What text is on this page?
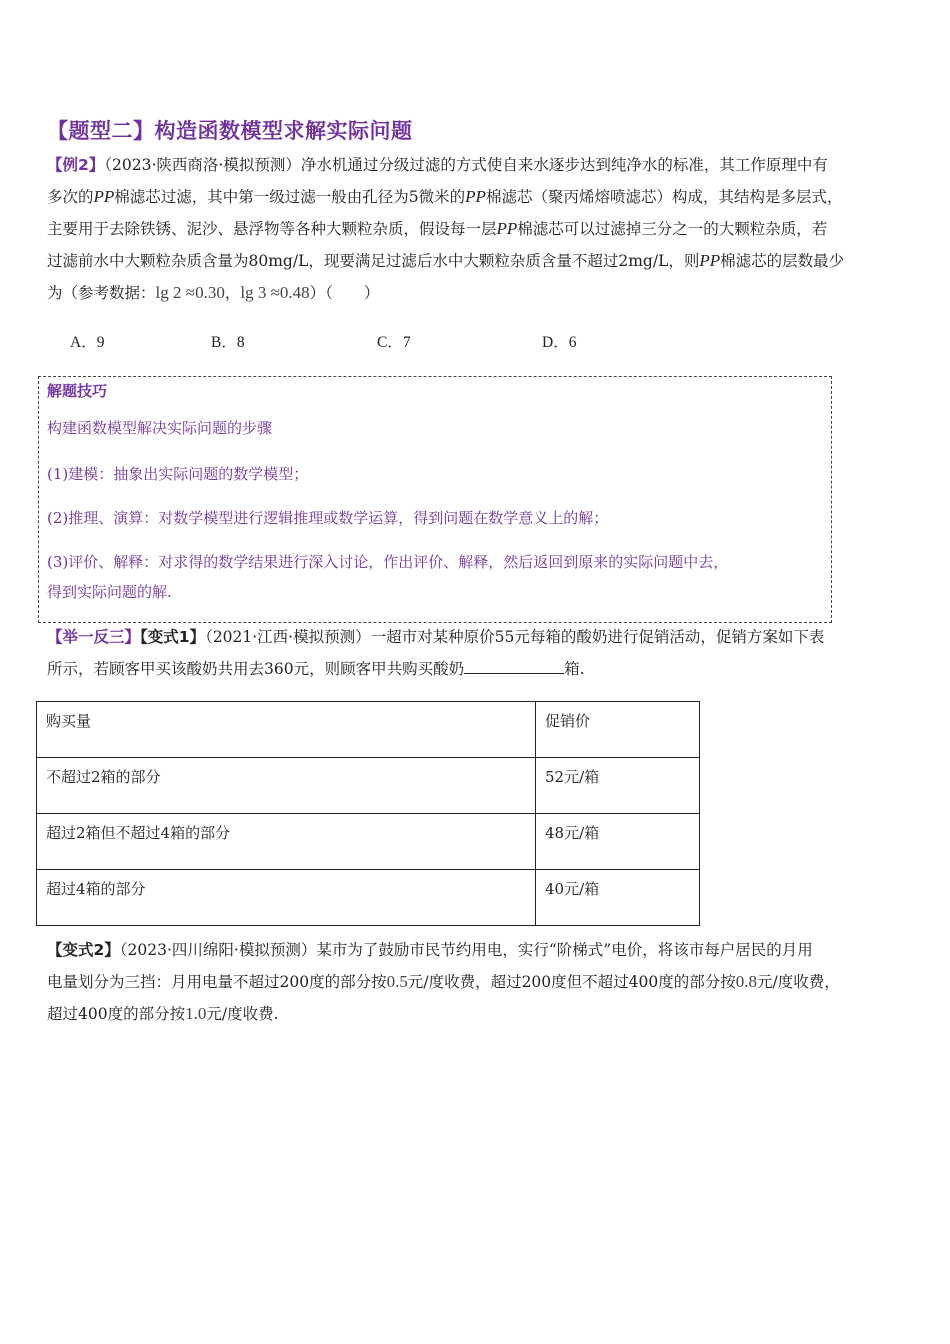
【题型二】构造函数模型求解实际问题
【例2】（2023·陕西商洛·模拟预测）净水机通过分级过滤的方式使自来水逐步达到纯净水的标准，其工作原理中有
多次的PP棉滤芯过滤，其中第一级过滤一般由孔径为5微米的PP棉滤芯（聚丙烯熔喷滤芯）构成，其结构是多层式，
主要用于去除铁锈、泥沙、悬浮物等各种大颗粒杂质，假设每一层PP棉滤芯可以过滤掉三分之一的大颗粒杂质，若
过滤前水中大颗粒杂质含量为80mg/L，现要满足过滤后水中大颗粒杂质含量不超过2mg/L，则PP棉滤芯的层数最少
为（参考数据：lg 2 ≈0.30，lg 3 ≈0.48）（　　）
A．9	B．8	C．7	D．6
解题技巧
构建函数模型解决实际问题的步骤
(1)建模：抽象出实际问题的数学模型；
(2)推理、演算：对数学模型进行逻辑推理或数学运算，得到问题在数学意义上的解；
(3)评价、解释：对求得的数学结果进行深入讨论，作出评价、解释，然后返回到原来的实际问题中去，
得到实际问题的解.
【举一反三】【变式1】（2021·江西·模拟预测）一超市对某种原价55元每箱的酸奶进行促销活动，促销方案如下表
所示，若顾客甲买该酸奶共用去360元，则顾客甲共购买酸奶	箱.
购买量	促销价
不超过2箱的部分	52元/箱
超过2箱但不超过4箱的部分	48元/箱
超过4箱的部分	40元/箱
【变式2】（2023·四川绵阳·模拟预测）某市为了鼓励市民节约用电，实行“阶梯式”电价，将该市每户居民的月用
电量划分为三挡：月用电量不超过200度的部分按0.5元/度收费，超过200度但不超过400度的部分按0.8元/度收费，
超过400度的部分按1.0元/度收费.
